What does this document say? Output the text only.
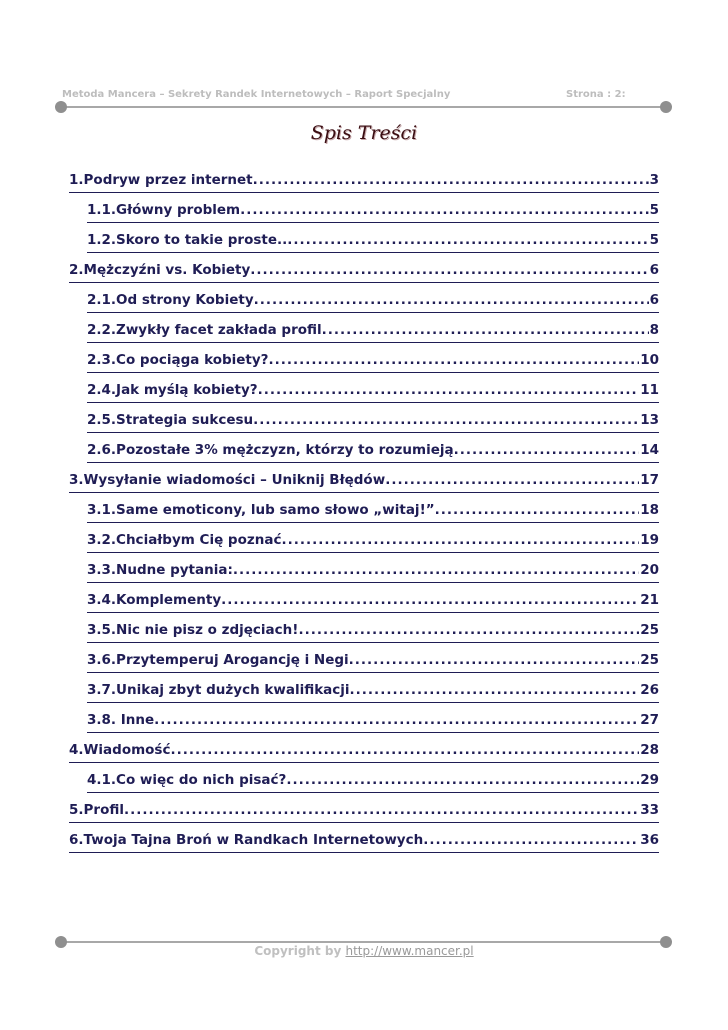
Metoda Mancera – Sekrety Randek Internetowych – Raport Specjalny	Strona : 2:
Spis Treści
1.Podryw przez internet .....	3
1.1.Główny problem .....	5
1.2.Skoro to takie proste.. .....	5
2.Mężczyźni vs. Kobiety .....	6
2.1.Od strony Kobiety .....	6
2.2.Zwykły facet zakłada profil .....	8
2.3.Co pociąga kobiety? .....	10
2.4.Jak myślą kobiety? .....	11
2.5.Strategia sukcesu .....	13
2.6.Pozostałe 3% mężczyzn, którzy to rozumieją .....	14
3.Wysyłanie wiadomości – Uniknij Błędów .....	17
3.1.Same emoticony, lub samo słowo „witaj!” .....	18
3.2.Chciałbym Cię poznać .....	19
3.3.Nudne pytania: .....	20
3.4.Komplementy .....	21
3.5.Nic nie pisz o zdjęciach! .....	25
3.6.Przytemperuj Arogancję i Negi .....	25
3.7.Unikaj zbyt dużych kwalifikacji .....	26
3.8. Inne .....	27
4.Wiadomość .....	28
4.1.Co więc do nich pisać? .....	29
5.Profil .....	33
6.Twoja Tajna Broń w Randkach Internetowych .....	36
Copyright by http://www.mancer.pl
